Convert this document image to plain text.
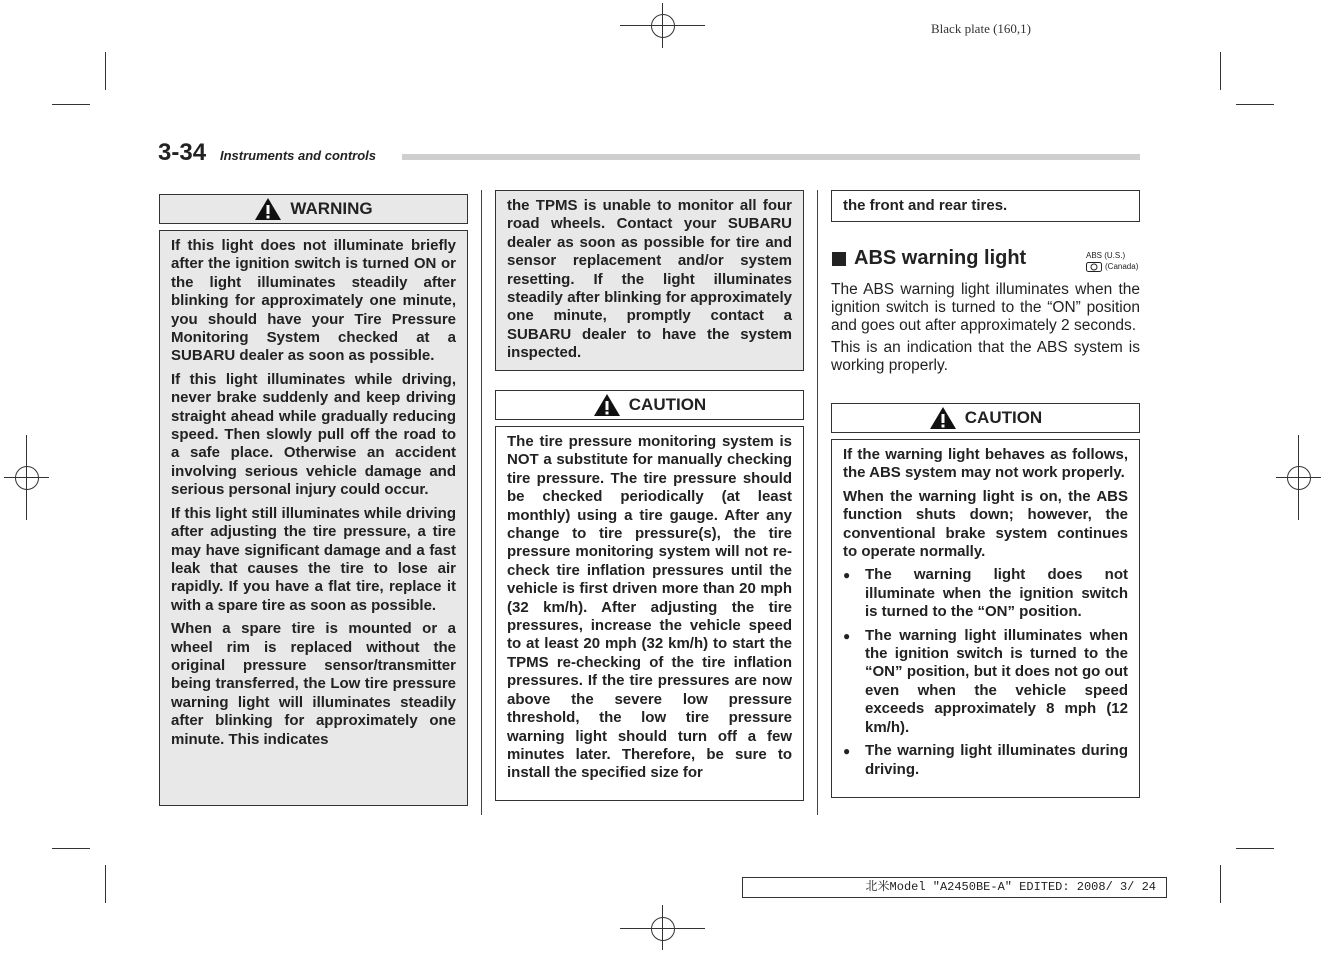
Black plate (160,1)
3-34 Instruments and controls
WARNING

If this light does not illuminate briefly after the ignition switch is turned ON or the light illuminates steadily after blinking for approximately one minute, you should have your Tire Pressure Monitoring System checked at a SUBARU dealer as soon as possible.

If this light illuminates while driving, never brake suddenly and keep driving straight ahead while gradually reducing speed. Then slowly pull off the road to a safe place. Otherwise an accident involving serious vehicle damage and serious personal injury could occur.

If this light still illuminates while driving after adjusting the tire pressure, a tire may have significant damage and a fast leak that causes the tire to lose air rapidly. If you have a flat tire, replace it with a spare tire as soon as possible.

When a spare tire is mounted or a wheel rim is replaced without the original pressure sensor/transmitter being transferred, the Low tire pressure warning light will illuminates steadily after blinking for approximately one minute. This indicates

the TPMS is unable to monitor all four road wheels. Contact your SUBARU dealer as soon as possible for tire and sensor replacement and/or system resetting. If the light illuminates steadily after blinking for approximately one minute, promptly contact a SUBARU dealer to have the system inspected.

CAUTION

The tire pressure monitoring system is NOT a substitute for manually checking tire pressure. The tire pressure should be checked periodically (at least monthly) using a tire gauge. After any change to tire pressure(s), the tire pressure monitoring system will not re-check tire inflation pressures until the vehicle is first driven more than 20 mph (32 km/h). After adjusting the tire pressures, increase the vehicle speed to at least 20 mph (32 km/h) to start the TPMS re-checking of the tire inflation pressures. If the tire pressures are now above the severe low pressure threshold, the low tire pressure warning light should turn off a few minutes later. Therefore, be sure to install the specified size for

the front and rear tires.

ABS warning light	ABS (U.S.)
(Canada)

The ABS warning light illuminates when the ignition switch is turned to the “ON” position and goes out after approximately 2 seconds.

This is an indication that the ABS system is working properly.

CAUTION

If the warning light behaves as follows, the ABS system may not work properly.

When the warning light is on, the ABS function shuts down; however, the conventional brake system continues to operate normally.

● The warning light does not illuminate when the ignition switch is turned to the “ON” position.
● The warning light illuminates when the ignition switch is turned to the “ON” position, but it does not go out even when the vehicle speed exceeds approximately 8 mph (12 km/h).
● The warning light illuminates during driving.
北米Model "A2450BE-A" EDITED: 2008/ 3/ 24
